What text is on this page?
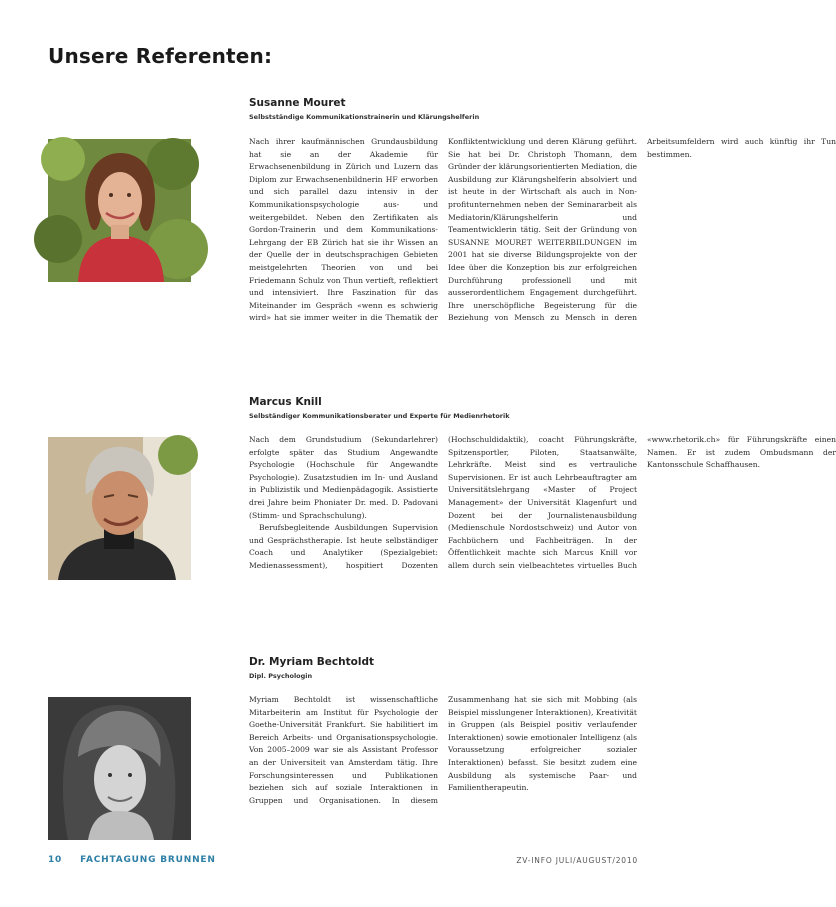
Unsere Referenten:
Susanne Mouret
Selbstständige Kommunikationstrainerin und Klärungshelferin

Nach ihrer kaufmännischen Grundausbildung hat sie an der Akademie für Erwachsenenbildung in Zürich und Luzern das Diplom zur Erwachsenenbildnerin HF erworben und sich parallel dazu intensiv in der Kommunikationspsychologie aus- und weitergebildet. Neben den Zertifikaten als Gordon-Trainerin und dem Kommunikations-Lehrgang der EB Zürich hat sie ihr Wissen an der Quelle der in deutschsprachigen Gebieten meistgelehrten Theorien von und bei Friedemann Schulz von Thun vertieft, reflektiert und intensiviert. Ihre Faszination für das Miteinander im Gespräch «wenn es schwierig wird» hat sie immer weiter in die Thematik der Konfliktentwicklung und deren Klärung geführt. Sie hat bei Dr. Christoph Thomann, dem Gründer der klärungsorientierten Mediation, die Ausbildung zur Klärungshelferin absolviert und ist heute in der Wirtschaft als auch in Non-profitunternehmen neben der Seminararbeit als Mediatorin/Klärungshelferin und Teamentwicklerin tätig. Seit der Gründung von SUSANNE MOURET WEITERBILDUNGEN im 2001 hat sie diverse Bildungsprojekte von der Idee über die Konzeption bis zur erfolgreichen Durchführung professionell und mit ausserordentlichem Engagement durchgeführt. Ihre unerschöpfliche Begeisterung für die Beziehung von Mensch zu Mensch in deren Arbeitsumfeldern wird auch künftig ihr Tun bestimmen.

Marcus Knill
Selbständiger Kommunikationsberater und Experte für Medienrhetorik

Nach dem Grundstudium (Sekundarlehrer) erfolgte später das Studium Angewandte Psychologie (Hochschule für Angewandte Psychologie). Zusatzstudien im In- und Ausland in Publizistik und Medienpädagogik. Assistierte drei Jahre beim Phoniater Dr. med. D. Padovani (Stimm- und Sprachschulung).

Berufsbegleitende Ausbildungen Supervision und Gesprächstherapie. Ist heute selbständiger Coach und Analytiker (Spezialgebiet: Medienassessment), hospitiert Dozenten (Hochschuldidaktik), coacht Führungskräfte, Spitzensportler, Piloten, Staatsanwälte, Lehrkräfte. Meist sind es vertrauliche Supervisionen. Er ist auch Lehrbeauftragter am Universitätslehrgang «Master of Project Management» der Universität Klagenfurt und Dozent bei der Journalistenausbildung (Medienschule Nordostschweiz) und Autor von Fachbüchern und Fachbeiträgen. In der Öffentlichkeit machte sich Marcus Knill vor allem durch sein vielbeachtetes virtuelles Buch «www.rhetorik.ch» für Führungskräfte einen Namen. Er ist zudem Ombudsmann der Kantonsschule Schaffhausen.

Dr. Myriam Bechtoldt
Dipl. Psychologin

Myriam Bechtoldt ist wissenschaftliche Mitarbeiterin am Institut für Psychologie der Goethe-Universität Frankfurt. Sie habilitiert im Bereich Arbeits- und Organisationspsychologie. Von 2005–2009 war sie als Assistant Professor an der Universiteit van Amsterdam tätig. Ihre Forschungsinteressen und Publikationen beziehen sich auf soziale Interaktionen in Gruppen und Organisationen. In diesem Zusammenhang hat sie sich mit Mobbing (als Beispiel misslungener Interaktionen), Kreativität in Gruppen (als Beispiel positiv verlaufender Interaktionen) sowie emotionaler Intelligenz (als Voraussetzung erfolgreicher sozialer Interaktionen) befasst. Sie besitzt zudem eine Ausbildung als systemische Paar- und Familientherapeutin.

10 FACHTAGUNG BRUNNEN	ZV-INFO JULI/AUGUST/2010
